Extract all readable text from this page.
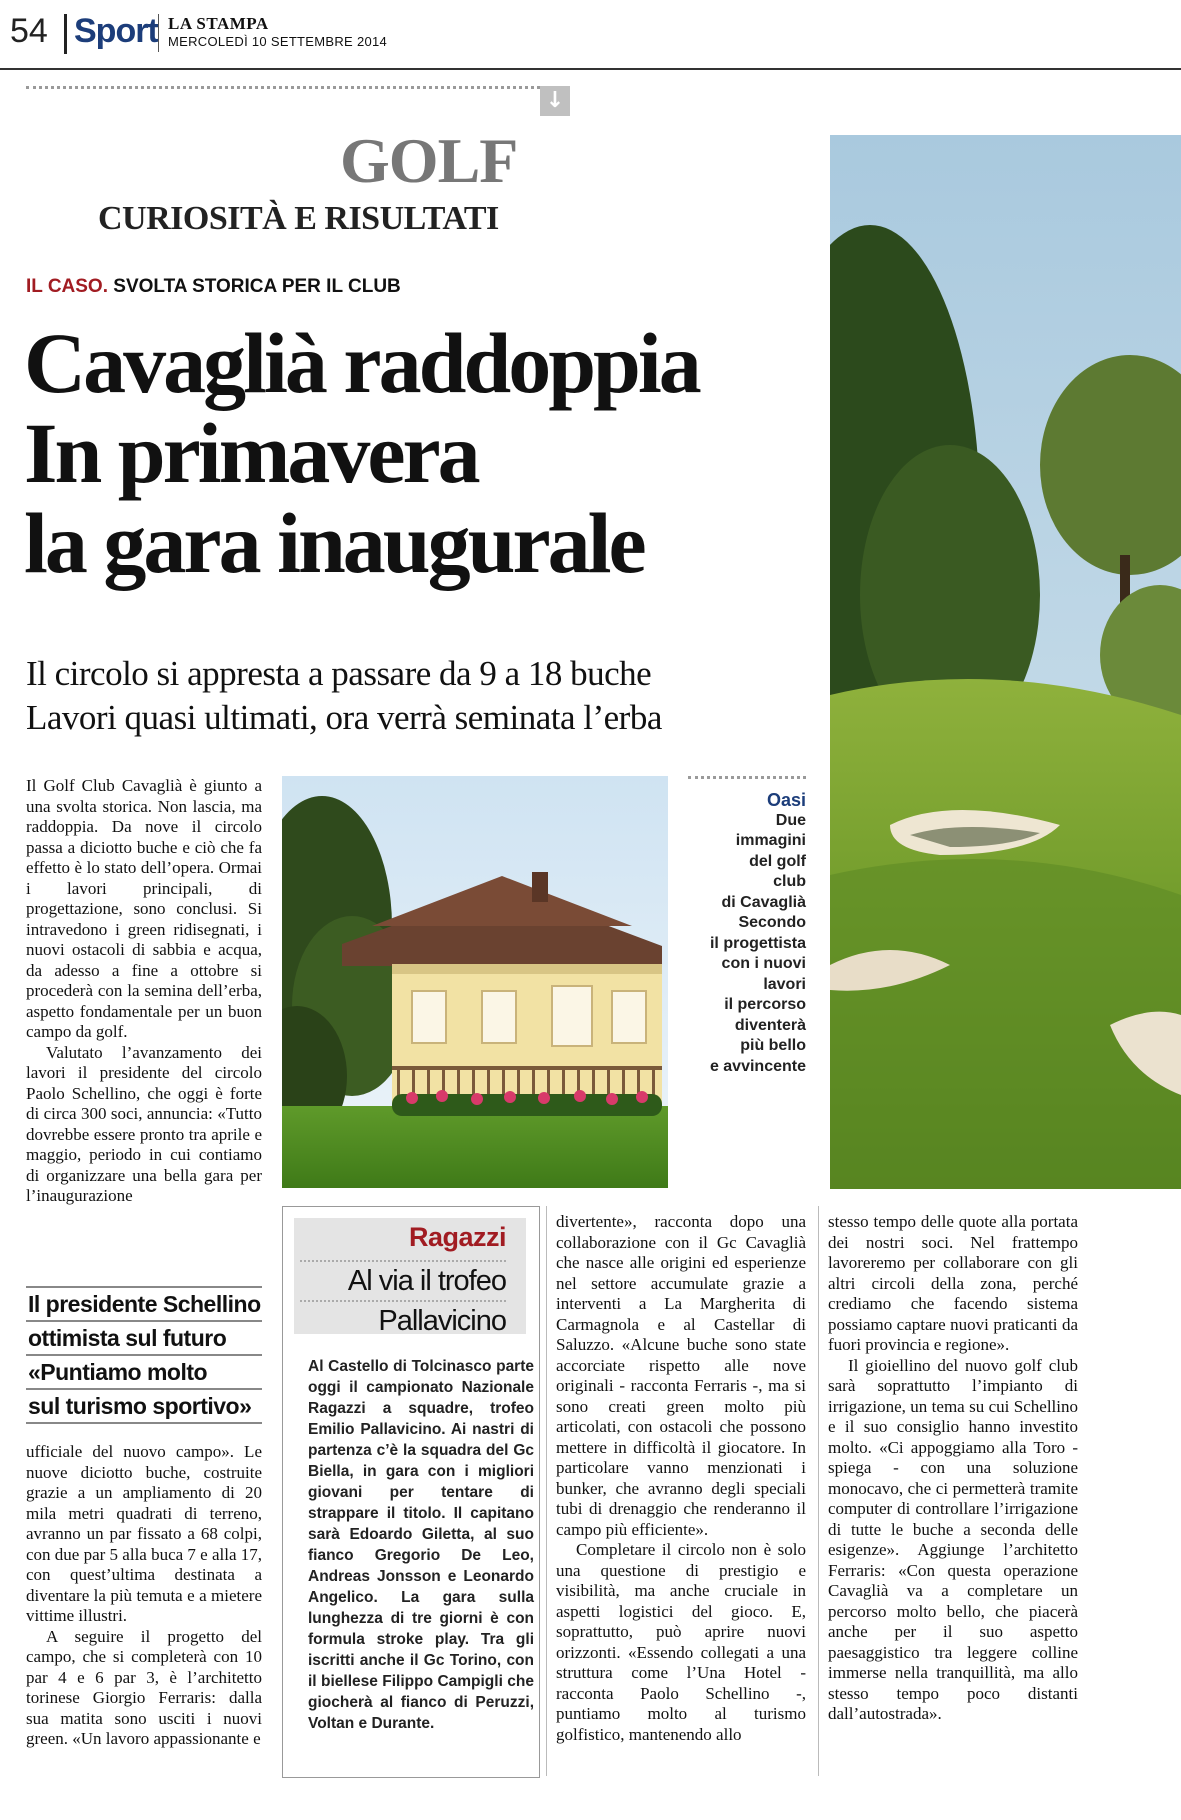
54 Sport LA STAMPA
MERCOLEDÌ 10 SETTEMBRE 2014
↓
GOLF
CURIOSITÀ E RISULTATI
IL CASO. SVOLTA STORICA PER IL CLUB
Cavaglià raddoppia
In primavera
la gara inaugurale
Il circolo si appresta a passare da 9 a 18 buche
Lavori quasi ultimati, ora verrà seminata l’erba

Il Golf Club Cavaglià è giunto a una svolta storica. Non lascia, ma raddoppia. Da nove il circolo passa a diciotto buche e ciò che fa effetto è lo stato dell’opera. Ormai i lavori principali, di progettazione, sono conclusi. Si intravedono i green ridisegnati, i nuovi ostacoli di sabbia e acqua, da adesso a fine a ottobre si procederà con la semina dell’erba, aspetto fondamentale per un buon campo da golf.

Valutato l’avanzamento dei lavori il presidente del circolo Paolo Schellino, che oggi è forte di circa 300 soci, annuncia: «Tutto dovrebbe essere pronto tra aprile e maggio, periodo in cui contiamo di organizzare una bella gara per l’inaugurazione

Il presidente Schellino
ottimista sul futuro
«Puntiamo molto
sul turismo sportivo»

ufficiale del nuovo campo». Le nuove diciotto buche, costruite grazie a un ampliamento di 20 mila metri quadrati di terreno, avranno un par fissato a 68 colpi, con due par 5 alla buca 7 e alla 17, con quest’ultima destinata a diventare la più temuta e a mietere vittime illustri.

A seguire il progetto del campo, che si completerà con 10 par 4 e 6 par 3, è l’architetto torinese Giorgio Ferraris: dalla sua matita sono usciti i nuovi green. «Un lavoro appassionante e

Oasi
Due
immagini
del golf
club
di Cavaglià
Secondo
il progettista
con i nuovi
lavori
il percorso
diventerà
più bello
e avvincente
Ragazzi
Al via il trofeo
Pallavicino
Al Castello di Tolcinasco parte oggi il campionato Nazionale Ragazzi a squadre, trofeo Emilio Pallavicino. Ai nastri di partenza c’è la squadra del Gc Biella, in gara con i migliori giovani per tentare di strappare il titolo. Il capitano sarà Edoardo Giletta, al suo fianco Gregorio De Leo, Andreas Jonsson e Leonardo Angelico. La gara sulla lunghezza di tre giorni è con formula stroke play. Tra gli iscritti anche il Gc Torino, con il biellese Filippo Campigli che giocherà al fianco di Peruzzi, Voltan e Durante.

divertente», racconta dopo una collaborazione con il Gc Cavaglià che nasce alle origini ed esperienze nel settore accumulate grazie a interventi a La Margherita di Carmagnola e al Castellar di Saluzzo. «Alcune buche sono state accorciate rispetto alle nove originali - racconta Ferraris -, ma si sono creati green molto più articolati, con ostacoli che possono mettere in difficoltà il giocatore. In particolare vanno menzionati i bunker, che avranno degli speciali tubi di drenaggio che renderanno il campo più efficiente».

Completare il circolo non è solo una questione di prestigio e visibilità, ma anche cruciale in aspetti logistici del gioco. E, soprattutto, può aprire nuovi orizzonti. «Essendo collegati a una struttura come l’Una Hotel - racconta Paolo Schellino -, puntiamo molto al turismo golfistico, mantenendo allo

stesso tempo delle quote alla portata dei nostri soci. Nel frattempo lavoreremo per collaborare con gli altri circoli della zona, perché crediamo che facendo sistema possiamo captare nuovi praticanti da fuori provincia e regione».

Il gioiellino del nuovo golf club sarà soprattutto l’impianto di irrigazione, un tema su cui Schellino e il suo consiglio hanno investito molto. «Ci appoggiamo alla Toro - spiega - con una soluzione monocavo, che ci permetterà tramite computer di controllare l’irrigazione di tutte le buche a seconda delle esigenze». Aggiunge l’architetto Ferraris: «Con questa operazione Cavaglià va a completare un percorso molto bello, che piacerà anche per il suo aspetto paesaggistico tra leggere colline immerse nella tranquillità, ma allo stesso tempo poco distanti dall’autostrada».
